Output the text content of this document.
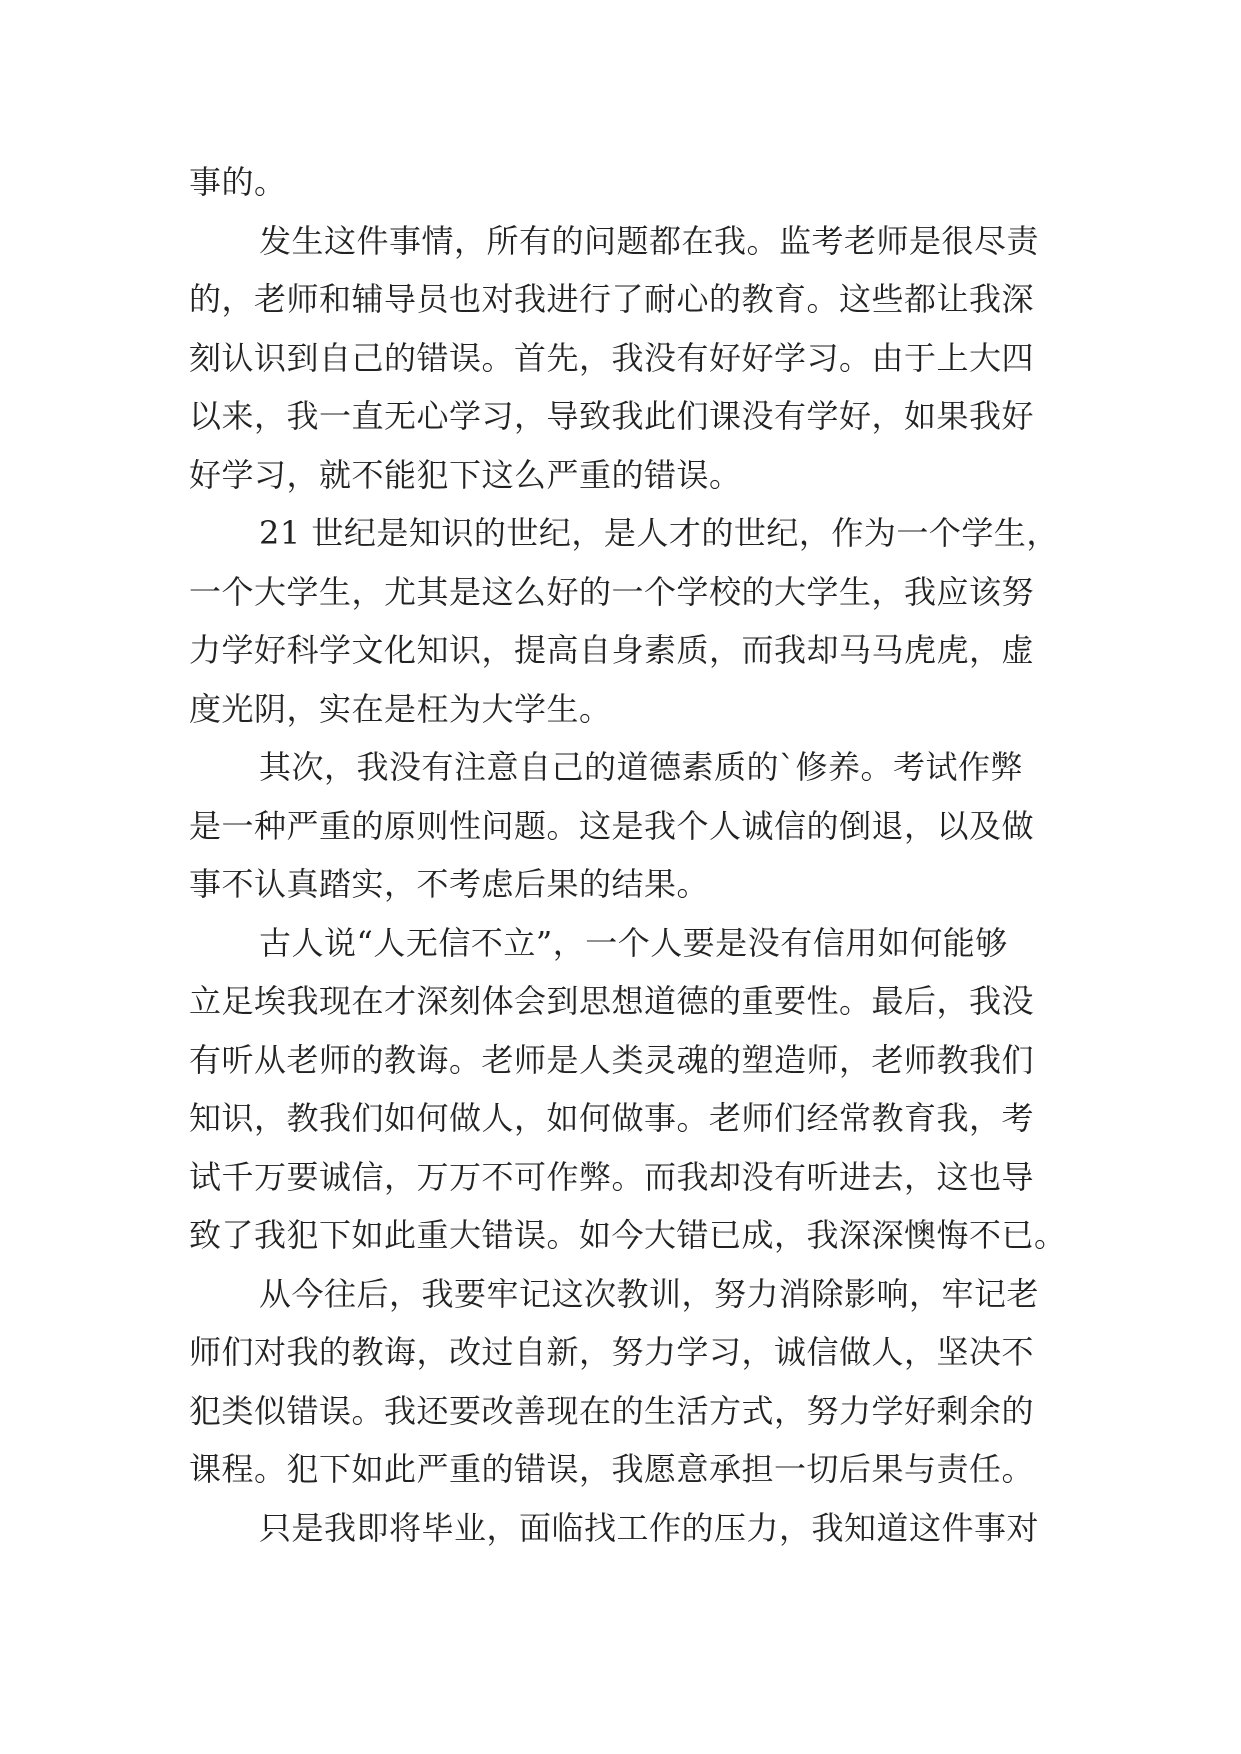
事的。
发生这件事情，所有的问题都在我。监考老师是很尽责
的，老师和辅导员也对我进行了耐心的教育。这些都让我深
刻认识到自己的错误。首先，我没有好好学习。由于上大四
以来，我一直无心学习，导致我此们课没有学好，如果我好
好学习，就不能犯下这么严重的错误。
21 世纪是知识的世纪，是人才的世纪，作为一个学生，
一个大学生，尤其是这么好的一个学校的大学生，我应该努
力学好科学文化知识，提高自身素质，而我却马马虎虎，虚
度光阴，实在是枉为大学生。
其次，我没有注意自己的道德素质的`修养。考试作弊
是一种严重的原则性问题。这是我个人诚信的倒退，以及做
事不认真踏实，不考虑后果的结果。
古人说“人无信不立”，一个人要是没有信用如何能够
立足埃我现在才深刻体会到思想道德的重要性。最后，我没
有听从老师的教诲。老师是人类灵魂的塑造师，老师教我们
知识，教我们如何做人，如何做事。老师们经常教育我，考
试千万要诚信，万万不可作弊。而我却没有听进去，这也导
致了我犯下如此重大错误。如今大错已成，我深深懊悔不已。
从今往后，我要牢记这次教训，努力消除影响，牢记老
师们对我的教诲，改过自新，努力学习，诚信做人，坚决不
犯类似错误。我还要改善现在的生活方式，努力学好剩余的
课程。犯下如此严重的错误，我愿意承担一切后果与责任。
只是我即将毕业，面临找工作的压力，我知道这件事对
